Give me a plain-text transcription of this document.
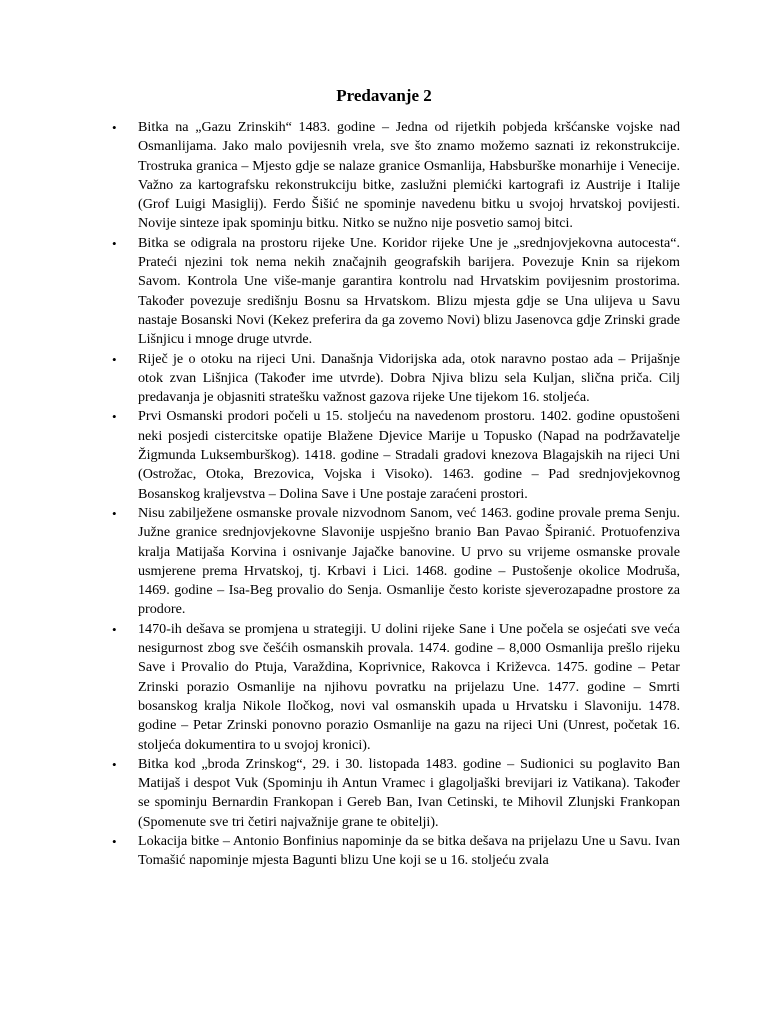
Predavanje 2
• Bitka na „Gazu Zrinskih“ 1483. godine – Jedna od rijetkih pobjeda kršćanske vojske nad Osmanlijama. Jako malo povijesnih vrela, sve što znamo možemo saznati iz rekonstrukcije. Trostruka granica – Mjesto gdje se nalaze granice Osmanlija, Habsburške monarhije i Venecije. Važno za kartografsku rekonstrukciju bitke, zaslužni plemićki kartografi iz Austrije i Italije (Grof Luigi Masiglij). Ferdo Šišić ne spominje navedenu bitku u svojoj hrvatskoj povijesti. Novije sinteze ipak spominju bitku. Nitko se nužno nije posvetio samoj bitci.

• Bitka se odigrala na prostoru rijeke Une. Koridor rijeke Une je „srednjovjekovna autocesta“. Prateći njezini tok nema nekih značajnih geografskih barijera. Povezuje Knin sa rijekom Savom. Kontrola Une više-manje garantira kontrolu nad Hrvatskim povijesnim prostorima. Također povezuje središnju Bosnu sa Hrvatskom. Blizu mjesta gdje se Una ulijeva u Savu nastaje Bosanski Novi (Kekez preferira da ga zovemo Novi) blizu Jasenovca gdje Zrinski grade Lišnjicu i mnoge druge utvrde.

• Riječ je o otoku na rijeci Uni. Današnja Vidorijska ada, otok naravno postao ada – Prijašnje otok zvan Lišnjica (Također ime utvrde). Dobra Njiva blizu sela Kuljan, slična priča. Cilj predavanja je objasniti stratešku važnost gazova rijeke Une tijekom 16. stoljeća.

• Prvi Osmanski prodori počeli u 15. stoljeću na navedenom prostoru. 1402. godine opustošeni neki posjedi cistercitske opatije Blažene Djevice Marije u Topusko (Napad na podržavatelje Žigmunda Luksemburškog). 1418. godine – Stradali gradovi knezova Blagajskih na rijeci Uni (Ostrožac, Otoka, Brezovica, Vojska i Visoko). 1463. godine – Pad srednjovjekovnog Bosanskog kraljevstva – Dolina Save i Une postaje zaraćeni prostori.

• Nisu zabilježene osmanske provale nizvodnom Sanom, već 1463. godine provale prema Senju. Južne granice srednjovjekovne Slavonije uspješno branio Ban Pavao Špiranić. Protuofenziva kralja Matijaša Korvina i osnivanje Jajačke banovine. U prvo su vrijeme osmanske provale usmjerene prema Hrvatskoj, tj. Krbavi i Lici. 1468. godine – Pustošenje okolice Modruša, 1469. godine – Isa-Beg provalio do Senja. Osmanlije često koriste sjeverozapadne prostore za prodore.

• 1470-ih dešava se promjena u strategiji. U dolini rijeke Sane i Une počela se osjećati sve veća nesigurnost zbog sve češćih osmanskih provala. 1474. godine – 8,000 Osmanlija prešlo rijeku Save i Provalio do Ptuja, Varaždina, Koprivnice, Rakovca i Križevca. 1475. godine – Petar Zrinski porazio Osmanlije na njihovu povratku na prijelazu Une. 1477. godine – Smrti bosanskog kralja Nikole Iločkog, novi val osmanskih upada u Hrvatsku i Slavoniju. 1478. godine – Petar Zrinski ponovno porazio Osmanlije na gazu na rijeci Uni (Unrest, početak 16. stoljeća dokumentira to u svojoj kronici).

• Bitka kod „broda Zrinskog“, 29. i 30. listopada 1483. godine – Sudionici su poglavito Ban Matijaš i despot Vuk (Spominju ih Antun Vramec i glagoljaški brevijari iz Vatikana). Također se spominju Bernardin Frankopan i Gereb Ban, Ivan Cetinski, te Mihovil Zlunjski Frankopan (Spomenute sve tri četiri najvažnije grane te obitelji).

• Lokacija bitke – Antonio Bonfinius napominje da se bitka dešava na prijelazu Une u Savu. Ivan Tomašić napominje mjesta Bagunti blizu Une koji se u 16. stoljeću zvala
